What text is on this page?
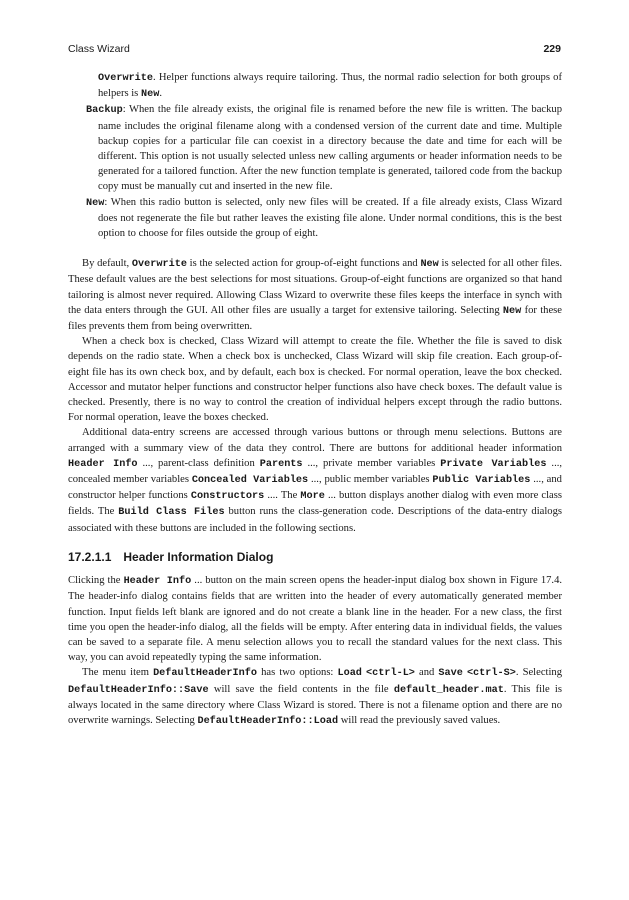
Class Wizard	229

Overwrite. Helper functions always require tailoring. Thus, the normal radio selection for both groups of helpers is New.

Backup: When the file already exists, the original file is renamed before the new file is written. The backup name includes the original filename along with a condensed version of the current date and time. Multiple backup copies for a particular file can coexist in a directory because the date and time for each will be different. This option is not usually selected unless new calling arguments or header information needs to be generated for a tailored function. After the new function template is generated, tailored code from the backup copy must be manually cut and inserted in the new file.

New: When this radio button is selected, only new files will be created. If a file already exists, Class Wizard does not regenerate the file but rather leaves the existing file alone. Under normal conditions, this is the best option to choose for files outside the group of eight.

By default, Overwrite is the selected action for group-of-eight functions and New is selected for all other files. These default values are the best selections for most situations. Group-of-eight functions are organized so that hand tailoring is almost never required. Allowing Class Wizard to overwrite these files keeps the interface in synch with the data enters through the GUI. All other files are usually a target for extensive tailoring. Selecting New for these files prevents them from being overwritten.

When a check box is checked, Class Wizard will attempt to create the file. Whether the file is saved to disk depends on the radio state. When a check box is unchecked, Class Wizard will skip file creation. Each group-of-eight file has its own check box, and by default, each box is checked. For normal operation, leave the box checked. Accessor and mutator helper functions and constructor helper functions also have check boxes. The default value is checked. Presently, there is no way to control the creation of individual helpers except through the radio buttons. For normal operation, leave the boxes checked.

Additional data-entry screens are accessed through various buttons or through menu selections. Buttons are arranged with a summary view of the data they control. There are buttons for additional header information Header Info ..., parent-class definition Parents ..., private member variables Private Variables ..., concealed member variables Concealed Variables ..., public member variables Public Variables ..., and constructor helper functions Constructors .... The More ... button displays another dialog with even more class fields. The Build Class Files button runs the class-generation code. Descriptions of the data-entry dialogs associated with these buttons are included in the following sections.

17.2.1.1 Header Information Dialog

Clicking the Header Info ... button on the main screen opens the header-input dialog box shown in Figure 17.4. The header-info dialog contains fields that are written into the header of every automatically generated member function. Input fields left blank are ignored and do not create a blank line in the header. For a new class, the first time you open the header-info dialog, all the fields will be empty. After entering data in individual fields, the values can be saved to a separate file. A menu selection allows you to recall the standard values for the next class. This way, you can avoid repeatedly typing the same information.

The menu item DefaultHeaderInfo has two options: Load <ctrl-L> and Save <ctrl-S>. Selecting DefaultHeaderInfo::Save will save the field contents in the file default_header.mat. This file is always located in the same directory where Class Wizard is stored. There is not a filename option and there are no overwrite warnings. Selecting DefaultHeaderInfo::Load will read the previously saved values.
